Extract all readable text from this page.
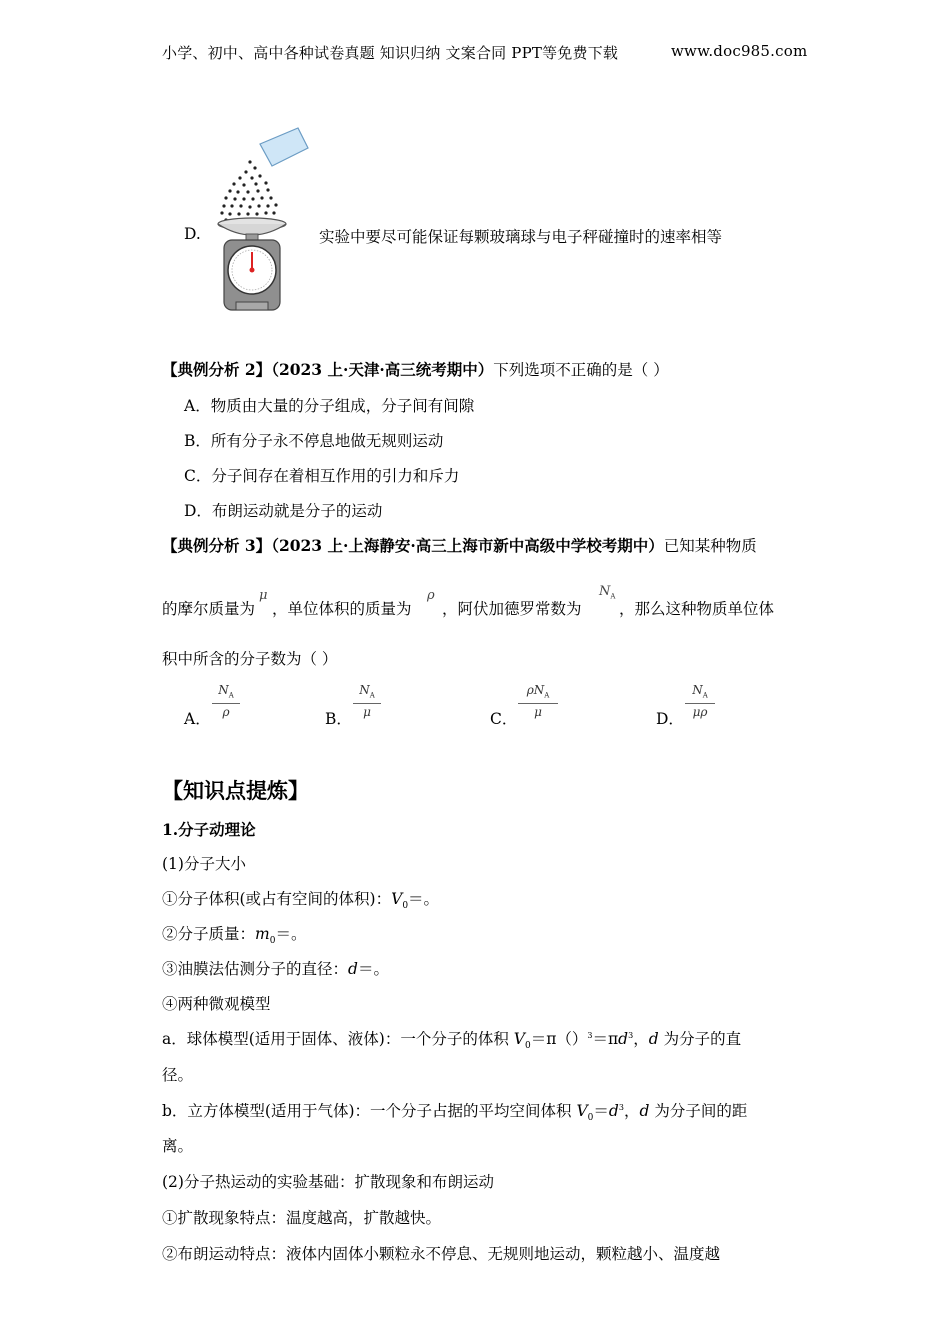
小学、初中、高中各种试卷真题 知识归纳 文案合同 PPT等免费下载	www.doc985.com
D.	实验中要尽可能保证每颗玻璃球与电子秤碰撞时的速率相等
【典例分析 2】（2023 上·天津·高三统考期中）下列选项不正确的是（ ）
A．物质由大量的分子组成，分子间有间隙
B．所有分子永不停息地做无规则运动
C．分子间存在着相互作用的引力和斥力
D．布朗运动就是分子的运动
【典例分析 3】（2023 上·上海静安·高三上海市新中高级中学校考期中）已知某种物质
的摩尔质量为
μ
，单位体积的质量为
ρ
，阿伏加德罗常数为
$N_A$
，那么这种物质单位体
积中所含的分子数为（ ）
A．
$N_A$
ρ	B．
$N_A$
μ	C．
$\rho N_A$
μ	D．
$N_A$
μρ
【知识点提炼】
1.分子动理论
(1)分子大小
①分子体积(或占有空间的体积)：$V_0=$。
②分子质量：$m_0=$。
③油膜法估测分子的直径：d＝。
④两种微观模型
a．球体模型(适用于固体、液体)：一个分子的体积 $V_0=\pi()^3=\pi d^3$，d 为分子的直
径。
b．立方体模型(适用于气体)：一个分子占据的平均空间体积 $V_0=d^3$，d 为分子间的距
离。
(2)分子热运动的实验基础：扩散现象和布朗运动
①扩散现象特点：温度越高，扩散越快。
②布朗运动特点：液体内固体小颗粒永不停息、无规则地运动，颗粒越小、温度越
